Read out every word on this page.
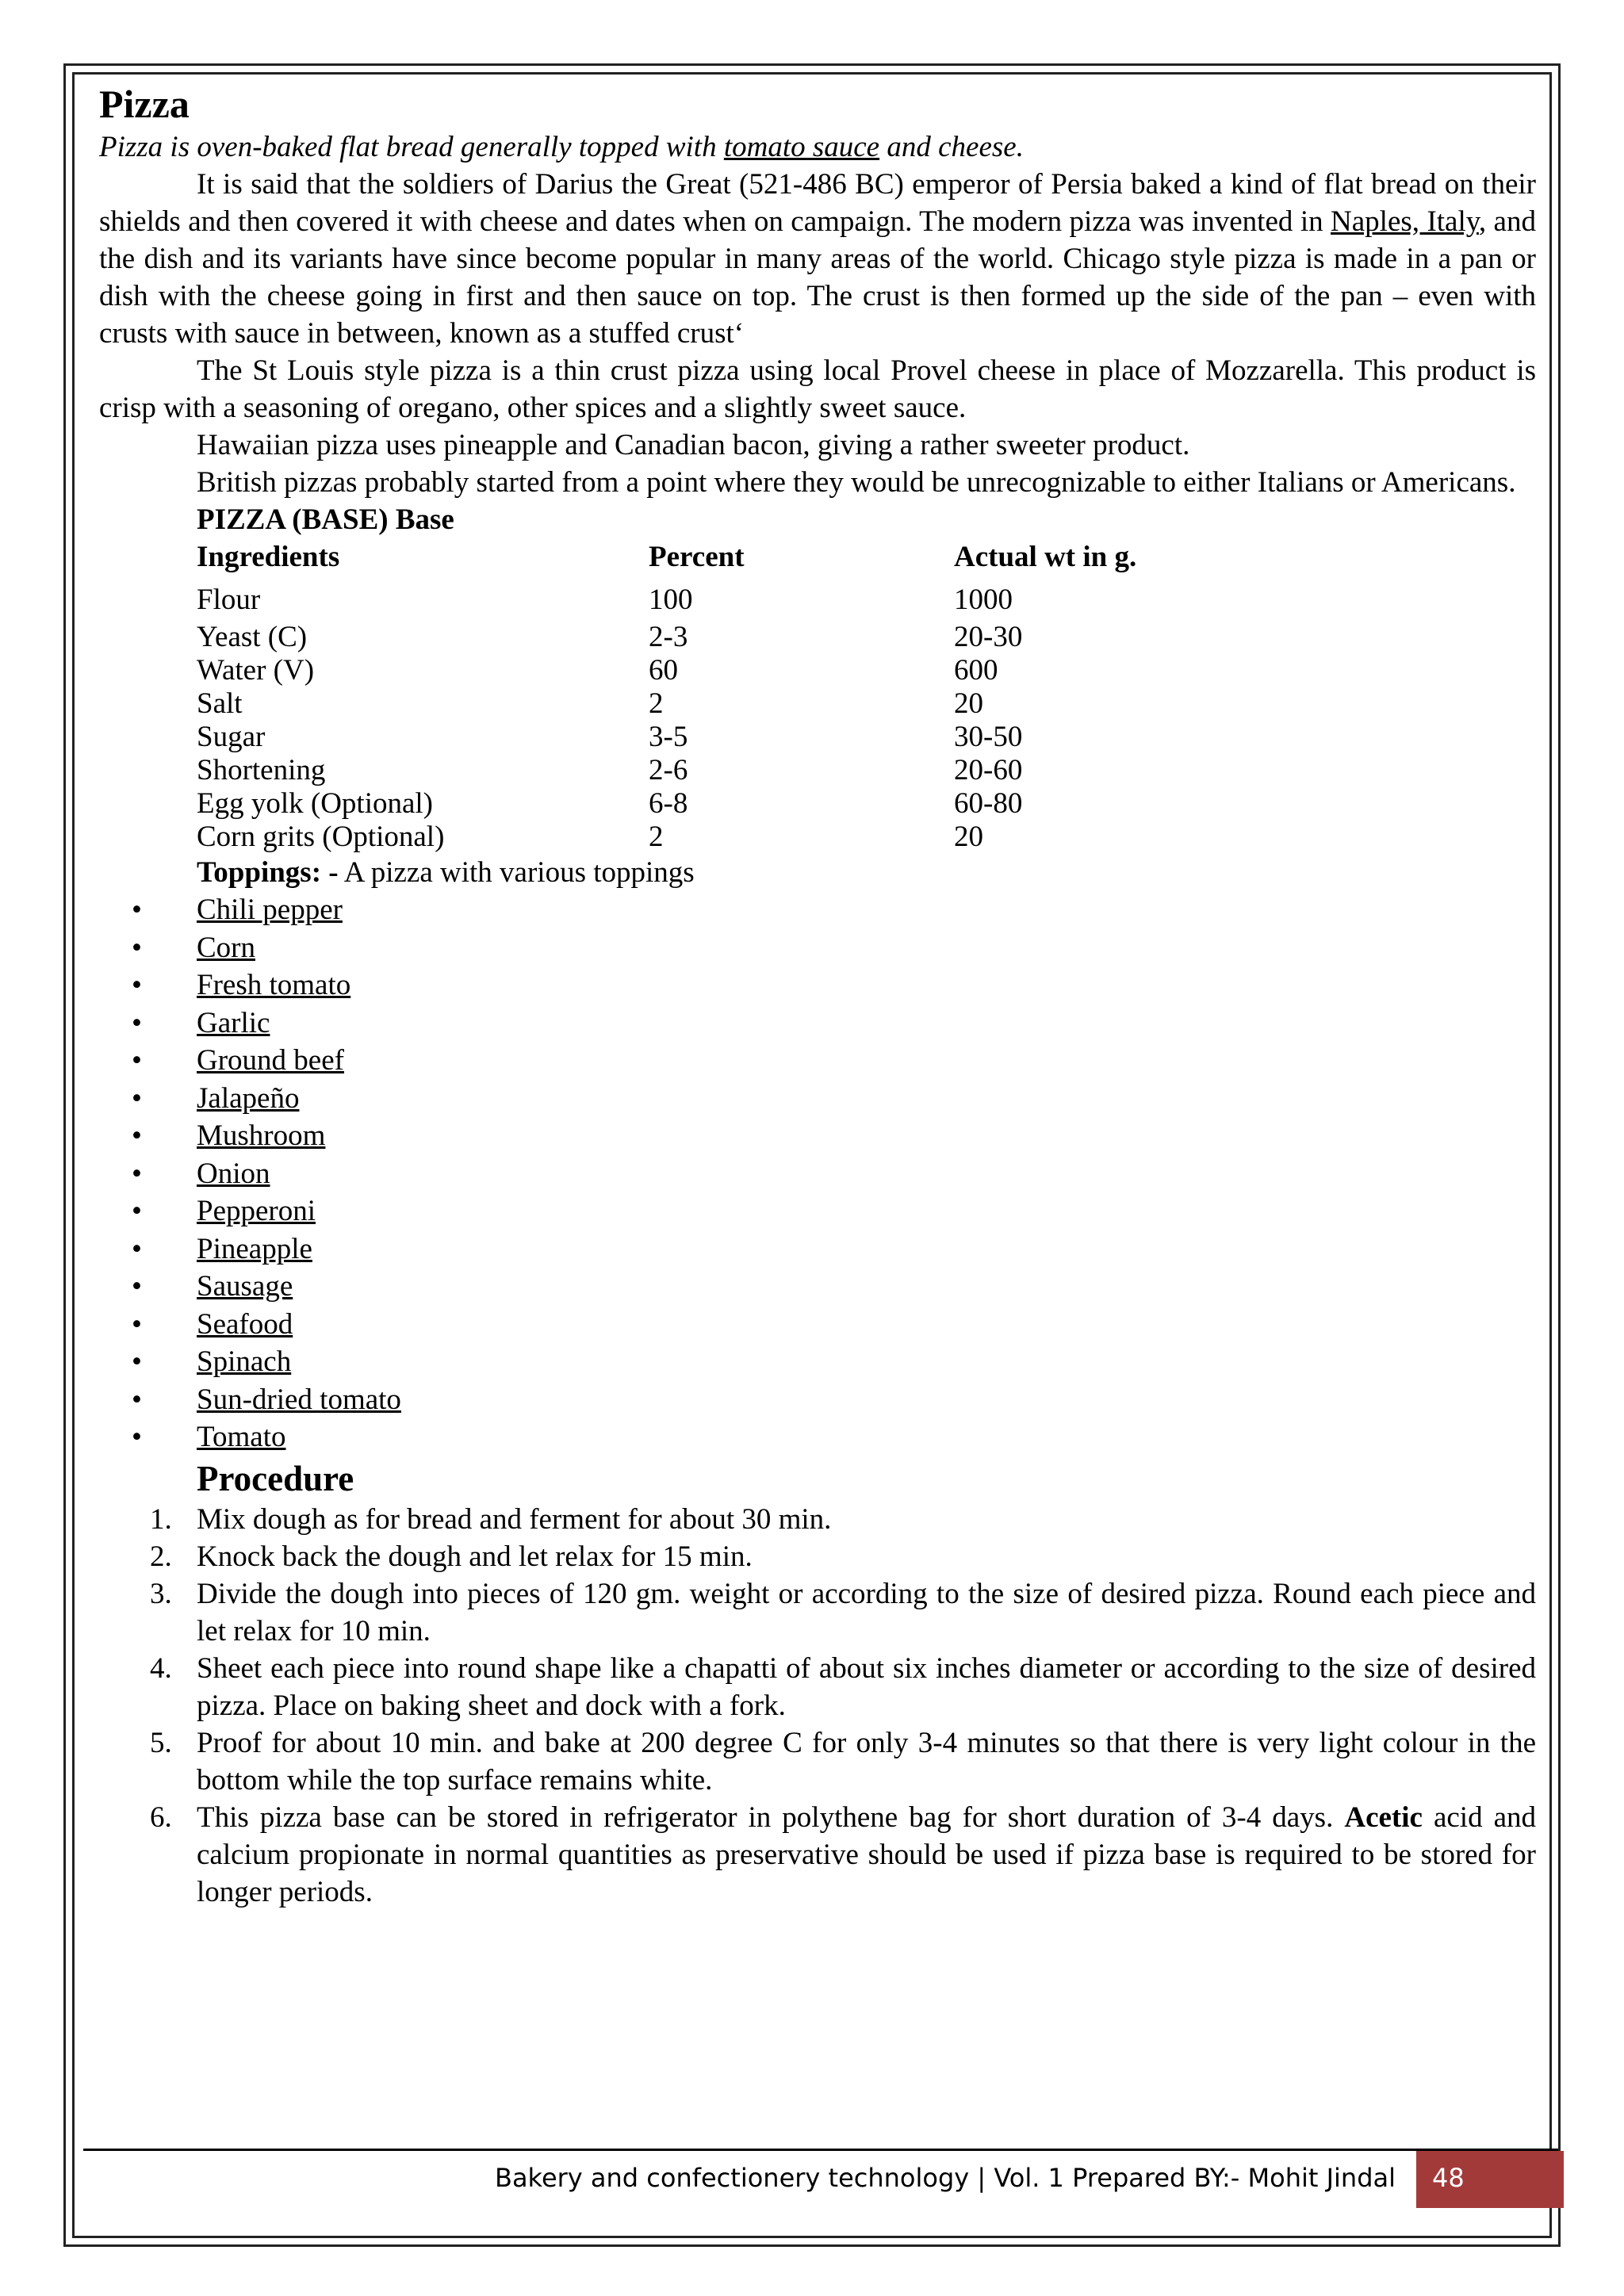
Pizza

Pizza is oven-baked flat bread generally topped with tomato sauce and cheese.

It is said that the soldiers of Darius the Great (521-486 BC) emperor of Persia baked a kind of flat bread on their shields and then covered it with cheese and dates when on campaign. The modern pizza was invented in Naples, Italy, and the dish and its variants have since become popular in many areas of the world. Chicago style pizza is made in a pan or dish with the cheese going in first and then sauce on top. The crust is then formed up the side of the pan – even with crusts with sauce in between, known as a stuffed crust‘

The St Louis style pizza is a thin crust pizza using local Provel cheese in place of Mozzarella. This product is crisp with a seasoning of oregano, other spices and a slightly sweet sauce.

Hawaiian pizza uses pineapple and Canadian bacon, giving a rather sweeter product.

British pizzas probably started from a point where they would be unrecognizable to either Italians or Americans.

PIZZA (BASE) Base
Ingredients	Percent	Actual wt in g.
Flour	100	1000
Yeast (C)	2-3	20-30
Water (V)	60	600
Salt	2	20
Sugar	3-5	30-50
Shortening	2-6	20-60
Egg yolk (Optional)	6-8	60-80
Corn grits (Optional)	2	20
Toppings: - A pizza with various toppings
• Chili pepper
• Corn
• Fresh tomato
• Garlic
• Ground beef
• Jalapeño
• Mushroom
• Onion
• Pepperoni
• Pineapple
• Sausage
• Seafood
• Spinach
• Sun-dried tomato
• Tomato
Procedure
1. Mix dough as for bread and ferment for about 30 min.
2. Knock back the dough and let relax for 15 min.
3. Divide the dough into pieces of 120 gm. weight or according to the size of desired pizza. Round each piece and let relax for 10 min.
4. Sheet each piece into round shape like a chapatti of about six inches diameter or according to the size of desired pizza. Place on baking sheet and dock with a fork.
5. Proof for about 10 min. and bake at 200 degree C for only 3-4 minutes so that there is very light colour in the bottom while the top surface remains white.
6. This pizza base can be stored in refrigerator in polythene bag for short duration of 3-4 days. Acetic acid and calcium propionate in normal quantities as preservative should be used if pizza base is required to be stored for longer periods.
Bakery and confectionery technology | Vol. 1 Prepared BY:- Mohit Jindal 48
